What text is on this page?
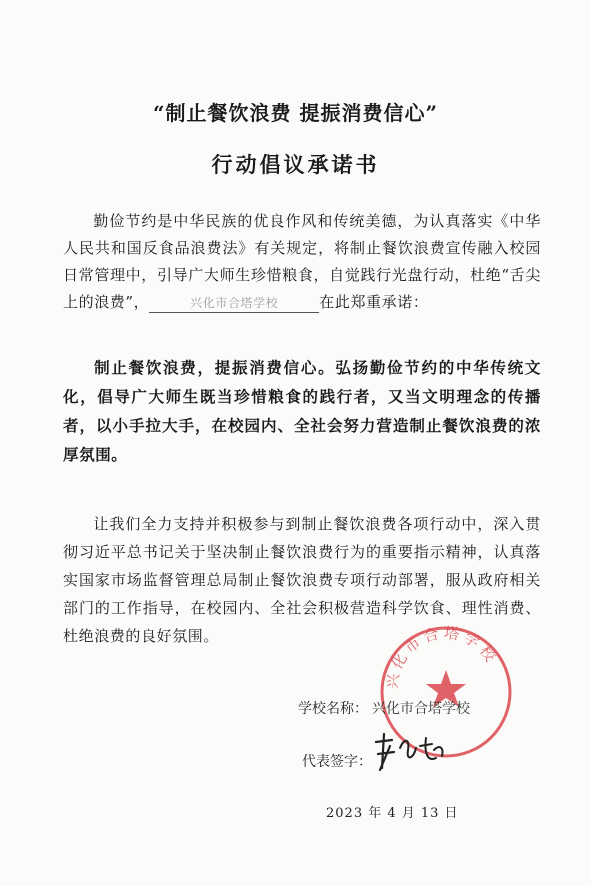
“制止餐饮浪费 提振消费信心”
行动倡议承诺书

勤俭节约是中华民族的优良作风和传统美德，为认真落实《中华人民共和国反食品浪费法》有关规定，将制止餐饮浪费宣传融入校园日常管理中，引导广大师生珍惜粮食，自觉践行光盘行动，杜绝“舌尖上的浪费”，	兴化市合塔学校	在此郑重承诺：

制止餐饮浪费，提振消费信心。弘扬勤俭节约的中华传统文化，倡导广大师生既当珍惜粮食的践行者，又当文明理念的传播者，以小手拉大手，在校园内、全社会努力营造制止餐饮浪费的浓厚氛围。

让我们全力支持并积极参与到制止餐饮浪费各项行动中，深入贯彻习近平总书记关于坚决制止餐饮浪费行为的重要指示精神，认真落实国家市场监督管理总局制止餐饮浪费专项行动部署，服从政府相关部门的工作指导，在校园内、全社会积极营造科学饮食、理性消费、杜绝浪费的良好氛围。

兴化市合塔学校
学校名称： 兴化市合塔学校
代表签字：
2023 年 4 月 13 日
